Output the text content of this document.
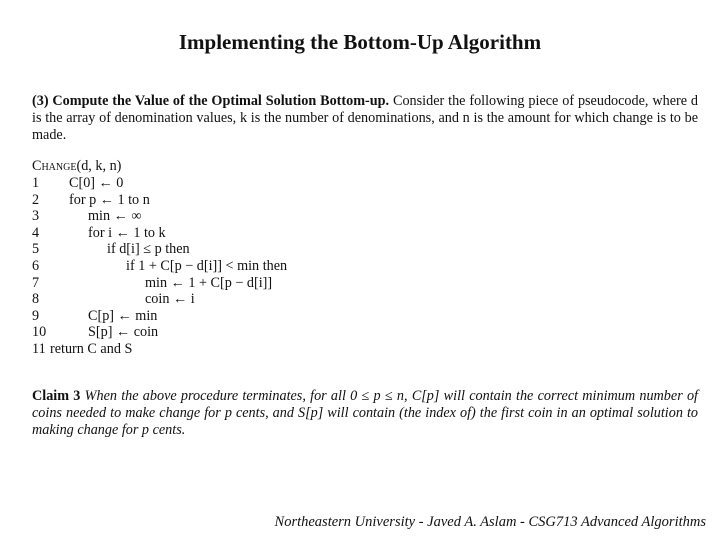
Implementing the Bottom-Up Algorithm
(3) Compute the Value of the Optimal Solution Bottom-up. Consider the following piece of pseudocode, where d is the array of denomination values, k is the number of denominations, and n is the amount for which change is to be made.
Change(d, k, n)
1	C[0] ← 0
2	for p ← 1 to n
3	min ← ∞
4	for i ← 1 to k
5	if d[i] ≤ p then
6	if 1 + C[p − d[i]] < min then
7	min ← 1 + C[p − d[i]]
8	coin ← i
9	C[p] ← min
10	S[p] ← coin
11 return C and S
Claim 3 When the above procedure terminates, for all 0 ≤ p ≤ n, C[p] will contain the correct minimum number of coins needed to make change for p cents, and S[p] will contain (the index of) the first coin in an optimal solution to making change for p cents.
Northeastern University - Javed A. Aslam - CSG713 Advanced Algorithms
